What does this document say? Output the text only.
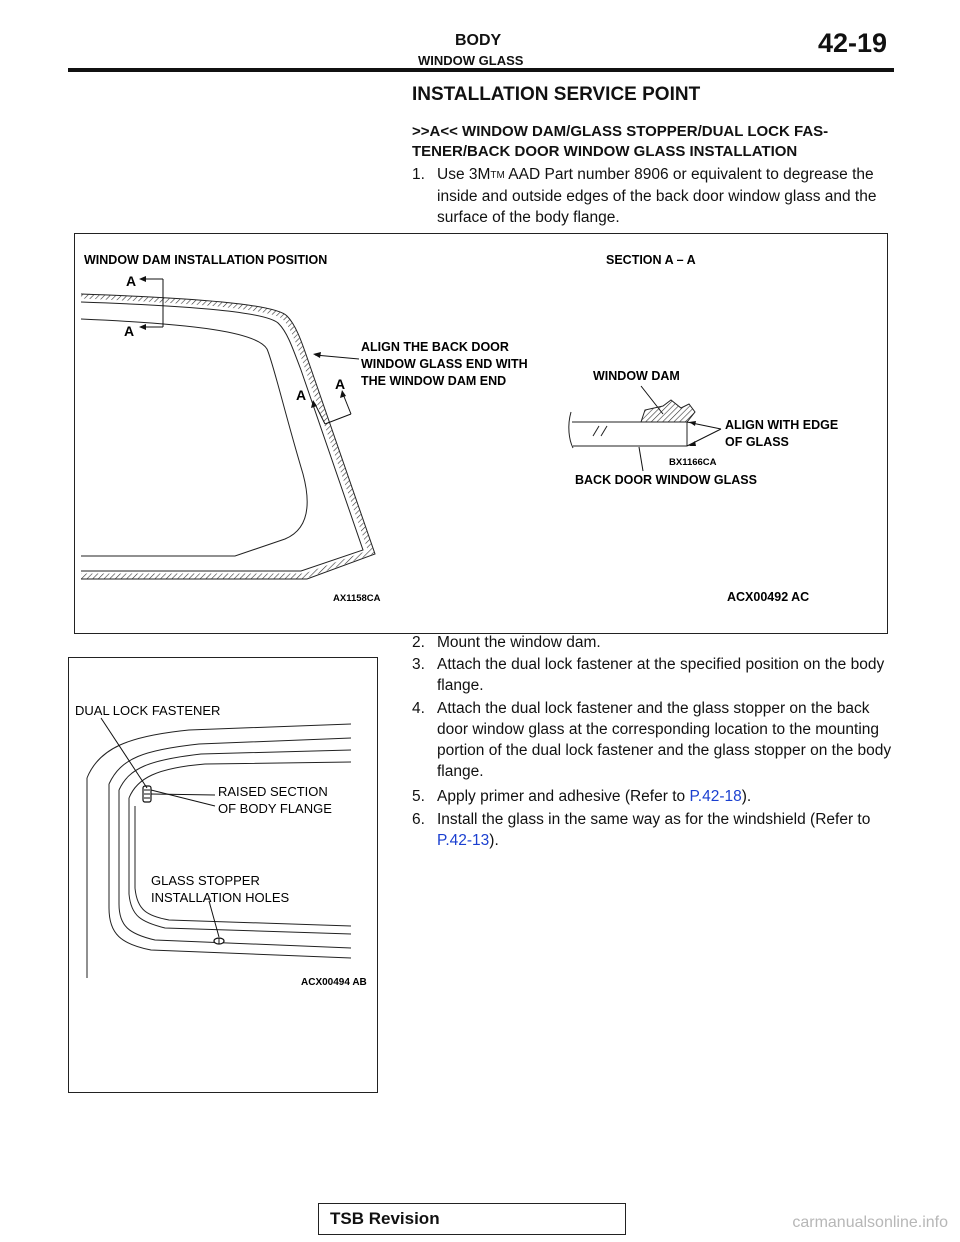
BODY
WINDOW GLASS
42-19
INSTALLATION SERVICE POINT
>>A<< WINDOW DAM/GLASS STOPPER/DUAL LOCK FAS-
TENER/BACK DOOR WINDOW GLASS INSTALLATION
1. Use 3MTM AAD Part number 8906 or equivalent to degrease the inside and outside edges of the back door window glass and the surface of the body flange.
A
A
A
A
WINDOW DAM INSTALLATION POSITION	SECTION A – A
ALIGN THE BACK DOOR
WINDOW GLASS END WITH
THE WINDOW DAM END	WINDOW DAM
ALIGN WITH EDGE
OF GLASS
BX1166CA
BACK DOOR WINDOW GLASS
AX1158CA	ACX00492 AC
2. Mount the window dam.
3. Attach the dual lock fastener at the specified position on the body flange.
4. Attach the dual lock fastener and the glass stopper on the back door window glass at the corresponding location to the mounting portion of the dual lock fastener and the glass stopper on the body flange.
5. Apply primer and adhesive (Refer to P.42-18).
6. Install the glass in the same way as for the windshield (Refer to P.42-13).
DUAL LOCK FASTENER
RAISED SECTION
OF BODY FLANGE
GLASS STOPPER
INSTALLATION HOLES
ACX00494 AB
TSB Revision	carmanualsonline.info
